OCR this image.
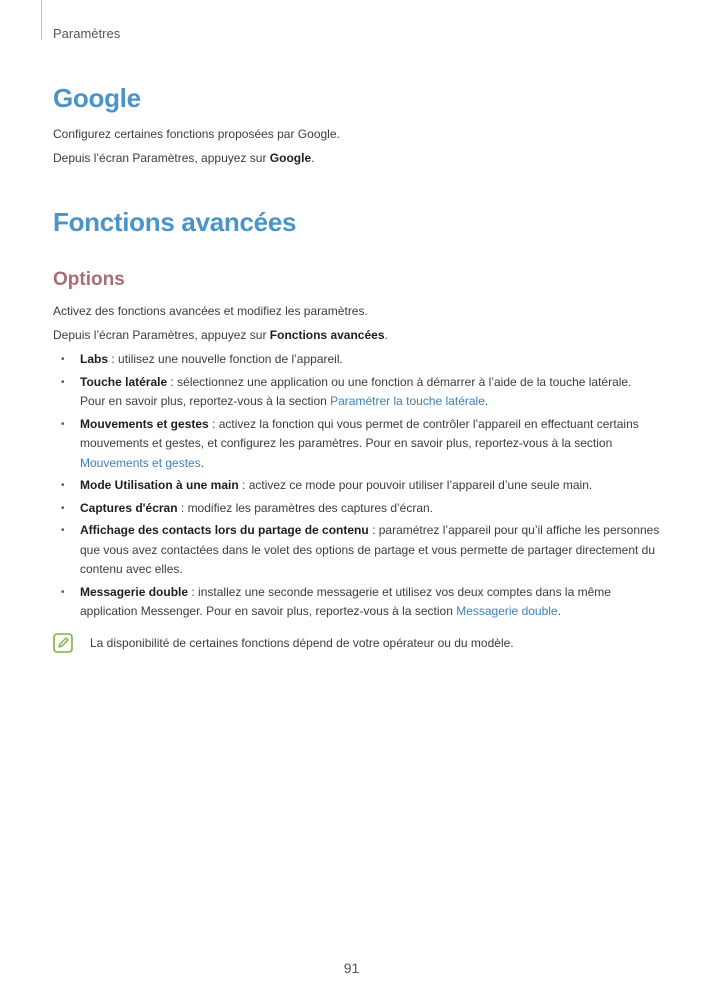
Paramètres
Google

Configurez certaines fonctions proposées par Google.

Depuis l’écran Paramètres, appuyez sur Google.

Fonctions avancées
Options

Activez des fonctions avancées et modifiez les paramètres.

Depuis l’écran Paramètres, appuyez sur Fonctions avancées.

• Labs : utilisez une nouvelle fonction de l’appareil.
• Touche latérale : sélectionnez une application ou une fonction à démarrer à l’aide de la touche latérale. Pour en savoir plus, reportez-vous à la section Paramétrer la touche latérale.
• Mouvements et gestes : activez la fonction qui vous permet de contrôler l’appareil en effectuant certains mouvements et gestes, et configurez les paramètres. Pour en savoir plus, reportez-vous à la section Mouvements et gestes.
• Mode Utilisation à une main : activez ce mode pour pouvoir utiliser l’appareil d’une seule main.
• Captures d'écran : modifiez les paramètres des captures d’écran.
• Affichage des contacts lors du partage de contenu : paramétrez l’appareil pour qu’il affiche les personnes que vous avez contactées dans le volet des options de partage et vous permette de partager directement du contenu avec elles.
• Messagerie double : installez une seconde messagerie et utilisez vos deux comptes dans la même application Messenger. Pour en savoir plus, reportez-vous à la section Messagerie double.
La disponibilité de certaines fonctions dépend de votre opérateur ou du modèle.
91
